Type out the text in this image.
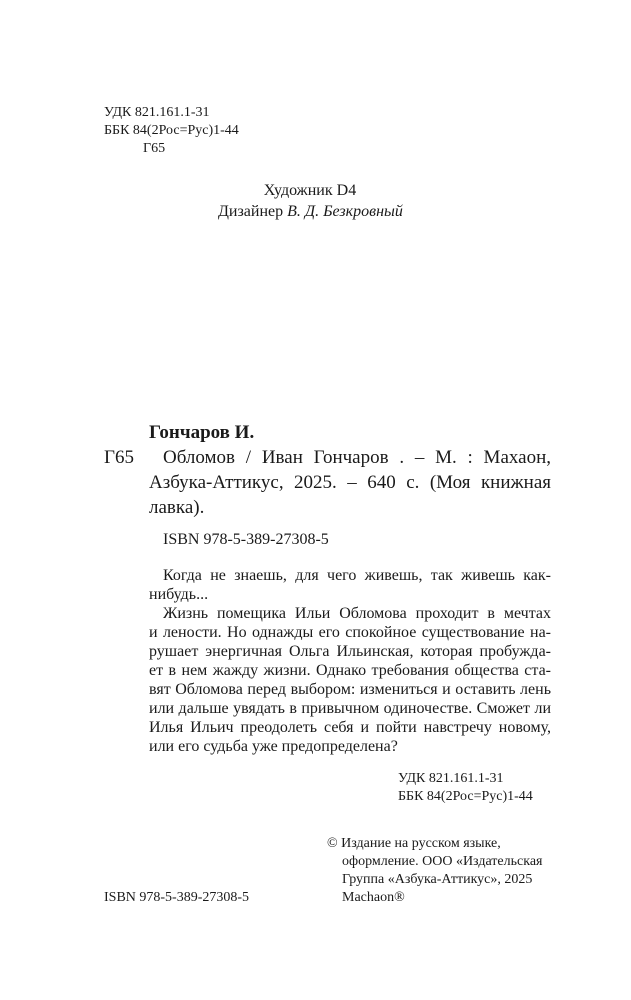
УДК 821.161.1-31
ББК 84(2Рос=Рус)1-44
Г65
Художник D4
Дизайнер В. Д. Безкровный
Гончаров И.
Г65 Обломов / Иван Гончаров . – М. : Махаон,
Азбука-Аттикус, 2025. – 640 с. (Моя книжная
лавка).
ISBN 978-5-389-27308-5
Когда не знаешь, для чего живешь, так живешь как-
нибудь...
Жизнь помещика Ильи Обломова проходит в мечтах
и лености. Но однажды его спокойное существование на-
рушает энергичная Ольга Ильинская, которая пробужда-
ет в нем жажду жизни. Однако требования общества ста-
вят Обломова перед выбором: измениться и оставить лень
или дальше увядать в привычном одиночестве. Сможет ли
Илья Ильич преодолеть себя и пойти навстречу новому,
или его судьба уже предопределена?
УДК 821.161.1-31
ББК 84(2Рос=Рус)1-44
© Издание на русском языке,
оформление. ООО «Издательская
Группа «Азбука-Аттикус», 2025
Machaon®
ISBN 978-5-389-27308-5
